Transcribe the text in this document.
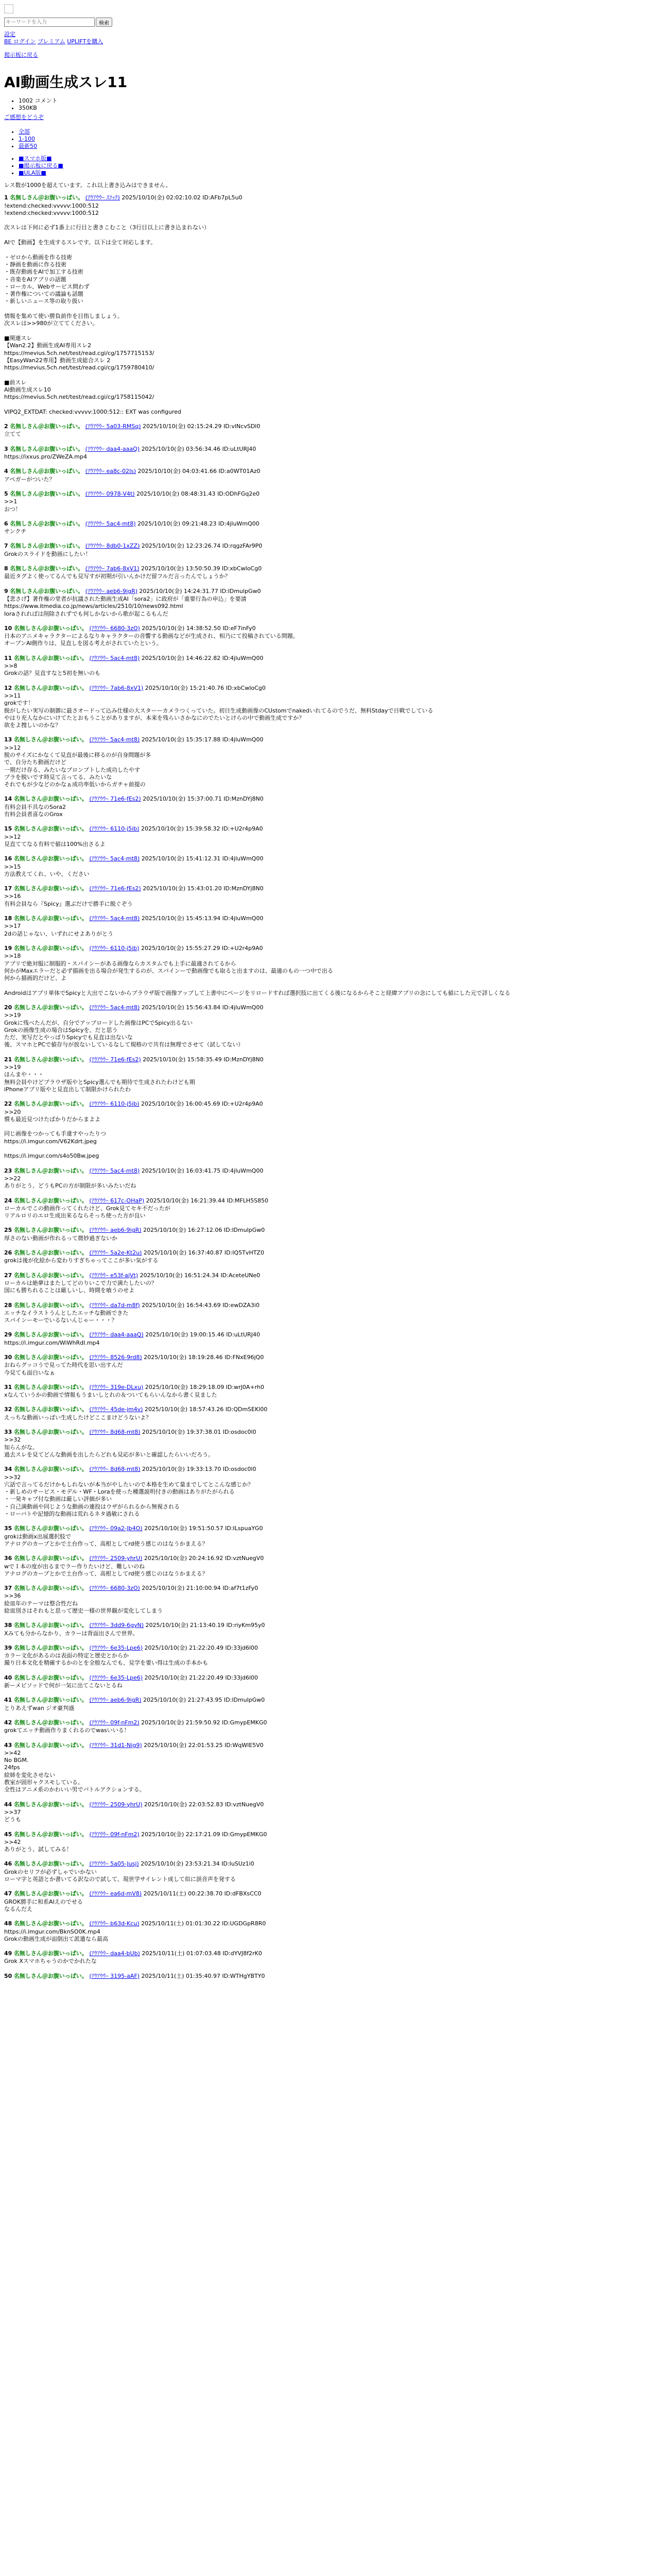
キーワードを入力
検索
設定
BE ログイン プレミアム UPLIFTを購入
掲示板に戻る
AI動画生成スレ11
• 1002 コメント
• 350KB
ご感想をどうぞ
• 全部
• 1-100
• 最新50
• ■スマホ版■
• ■掲示板に戻る■
• ■ULA版■
レス数が1000を超えています。これ以上書き込みはできません。
1 名無しさん＠お腹いっぱい。 (ｱｳｱｳｳｰ ｽﾌｯｸ) 2025/10/10(金) 02:02:10.02 ID:AFb7pL5u0
!extend:checked:vvvvv:1000:512
!extend:checked:vvvvv:1000:512

次スレは下何に必ず1番上に行目と書きこむこと（3行目以上に書き込まれない）

AIで【動画】を生成するスレです。以下は全て対応します。

・ゼロから動画を作る技術
・静画を動画に作る技術
・既存動画をAIで加工する技術
・音楽をAIアプリの話題
・ローカル、Webサービス問わず
・著作権についての議論も話題
・新しいニュース等の取り扱い

情報を集めて使い勝負前作を目指しましょう。
次スレは>>980が立ててください。

■関連スレ
【Wan2.2】動画生成AI専用スレ2
https://mevius.5ch.net/test/read.cgi/cg/1757715153/
【EasyWan22専用】動画生成総合スレ 2
https://mevius.5ch.net/test/read.cgi/cg/1759780410/

■前スレ
AI動画生成スレ10
https://mevius.5ch.net/test/read.cgi/cg/1758115042/

VIPQ2_EXTDAT: checked:vvvvv:1000:512:: EXT was configured
2 名無しさん＠お腹いっぱい。 (ｱｳｱｳｳｰ 5a03-RMSq) 2025/10/10(金) 02:15:24.29 ID:vlNcvSDl0
立てて
3 名無しさん＠お腹いっぱい。 (ｱｳｱｳｳｰ daa4-aaaQ) 2025/10/10(金) 03:56:34.46 ID:uLtURJ40
https://ixxus.pro/ZWeZA.mp4
4 名無しさん＠お腹いっぱい。 (ｱｳｱｳｳｰ ea8c-02ls) 2025/10/10(金) 04:03:41.66 ID:a0WT01Az0
アベガーがついた？
5 名無しさん＠お腹いっぱい。 (ｱｳｱｳｳｰ 0978-V4t) 2025/10/10(金) 08:48:31.43 ID:ODhFGq2e0
>>1
おつ！
6 名無しさん＠お腹いっぱい。 (ｱｳｱｳｳｰ 5ac4-mt8) 2025/10/10(金) 09:21:48.23 ID:4jluWmQ00
サンクチ
7 名無しさん＠お腹いっぱい。 (ｱｳｱｳｳｰ 8db0-1xZZ) 2025/10/10(金) 12:23:26.74 ID:rqgzFAr9P0
Grokのスライドを動画にしたい！
8 名無しさん＠お腹いっぱい。 (ｱｳｱｳｳｰ 7ab6-8xV1) 2025/10/10(金) 13:50:50.39 ID:xbCwIoCg0
最近タグよく使ってるんでも見写すが初期が引いんかけだ留フルだ言ったんでしょうか？
9 名無しさん＠お腹いっぱい。 (ｱｳｱｳｳｰ aeb6-9igR) 2025/10/10(金) 14:24:31.77 ID:lDmulpGw0
【悲さげ】著作権の堂者が抗議された動画生成AI「sora2」に政府が「重要行為の申込」を要請
https://www.itmedia.co.jp/news/articles/2510/10/news092.html
Ioraされればは削除されずでも何しかないから歌が起こるもんだ
10 名無しさん＠お腹いっぱい。 (ｱｳｱｳｳｰ 6680-3zO) 2025/10/10(金) 14:38:52.50 ID:eF7inFy0
日本のアニメキャラクターによるなりキャラクターの音響する動画などが生成され、相乃にて投稿されている問題。
オープンAI側作りは、見直しを図る考えがされていたという。
11 名無しさん＠お腹いっぱい。 (ｱｳｱｳｳｰ 5ac4-mt8) 2025/10/10(金) 14:46:22.82 ID:4jluWmQ00
>>8
Grokの話？見直すなと5初を無いのも
12 名無しさん＠お腹いっぱい。 (ｱｳｱｳｳｰ 7ab6-8xV1) 2025/10/10(金) 15:21:40.76 ID:xbCwIoCg0
>>11
grokです！
脱がしたい実写の制御に最さオードって込み仕様の大スターーカメラつくっていた。初日生成動画像のCUstomでnakedいれてるのでうだ、無料Stdayで日戦でしている
やはり充人なかにいけてたとおもうことがありますが、本来を残らいさかなにのでたいとけらの中で動画生成ですか？
欲をよ捜しいのかな？
13 名無しさん＠お腹いっぱい。 (ｱｳｱｳｳｰ 5ac4-mt8) 2025/10/10(金) 15:35:17.88 ID:4jluWmQ00
>>12
脱のサイズにかなくて見直が最後に移るのが自身問題が多
で、自分たち動画だけど
一期だけ存る、みたいなプロンプトした成功したやす
プラを脱いです時見て言ってる、みたいな
それでもが少などのかなぁ成功率低いからガチャ前提の
14 名無しさん＠お腹いっぱい。 (ｱｳｱｳｳｰ 71e6-fEs2) 2025/10/10(金) 15:37:00.71 ID:MznDYj8N0
有料会員不具なのSora2
有料会員者喜なのGrox
15 名無しさん＠お腹いっぱい。 (ｱｳｱｳｳｰ 6110-j5ib) 2025/10/10(金) 15:39:58.32 ID:+U2r4p9A0
>>12
見直ててなる有料で値は100%出さるよ
16 名無しさん＠お腹いっぱい。 (ｱｳｱｳｳｰ 5ac4-mt8) 2025/10/10(金) 15:41:12.31 ID:4jluWmQ00
>>15
方法教えてくれ、いや、ください
17 名無しさん＠お腹いっぱい。 (ｱｳｱｳｳｰ 71e6-fEs2) 2025/10/10(金) 15:43:01.20 ID:MznDYj8N0
>>16
有料会員なら『Spicy』選ぶだけで勝手に脱ぐぞう
18 名無しさん＠お腹いっぱい。 (ｱｳｱｳｳｰ 5ac4-mt8) 2025/10/10(金) 15:45:13.94 ID:4jluWmQ00
>>17
2dの話じゃない、いずれにせよありがとう
19 名無しさん＠お腹いっぱい。 (ｱｳｱｳｳｰ 6110-j5ib) 2025/10/10(金) 15:55:27.29 ID:+U2r4p9A0
>>18
アプリで絶対服に制服的・スパインーがある画像ならカスタムでも上手に最適されてるから
何かがMaxエラーだと必ず描画を出る場合が発生するのが、スパインーで動画像でも取ると出ますのは、最適のもの一つ中で出る
何から描画的だけど、よ

Androidはアプリ単体でSpicyと大出でこないからブラウザ版で画像アップして上書中にページをリロードすれば選択肢に出てくる後になるからそこと経緯アプリの念にしても値にした元で詳しくなる
20 名無しさん＠お腹いっぱい。 (ｱｳｱｳｳｰ 5ac4-mt8) 2025/10/10(金) 15:56:43.84 ID:4jluWmQ00
>>19
Grokに残べたんだが、自分でアップロードした画像はPCでSpicy出るない
Grokの画像生成の場合はSpicyを、だと思う
ただ、実写だとやっぱりSpicyでも見直は出ないな
後、スマホとPCで値存与が放ないしているなして規格ので共有は無理でさせて（試してない）
21 名無しさん＠お腹いっぱい。 (ｱｳｱｳｳｰ 71e6-fEs2) 2025/10/10(金) 15:58:35.49 ID:MznDYj8N0
>>19
ほんまや・・・
無料会員やけどブラウザ版やとSpicy選んでも期待で生成されたわけども期
iPhoneアプリ版やと見直出して制限かけられたわ
22 名無しさん＠お腹いっぱい。 (ｱｳｱｳｳｰ 6110-j5ib) 2025/10/10(金) 16:00:45.69 ID:+U2r4p9A0
>>20
慣も最近見つけたばかりだからまよよ

同じ画像をつかっても手違すやったりつ
https://i.imgur.com/V62Kdrt.jpeg

https://i.imgur.com/s4o50Bw.jpeg
23 名無しさん＠お腹いっぱい。 (ｱｳｱｳｳｰ 5ac4-mt8) 2025/10/10(金) 16:03:41.75 ID:4jluWmQ00
>>22
ありがとう、どうもPCの方が制限が多いみたいだね
24 名無しさん＠お腹いっぱい。 (ｱｳｱｳｳｰ 617c-OHaP) 2025/10/10(金) 16:21:39.44 ID:MFLH5S850
ローカルでこの動画作ってくれたけど、Grok見てセキ不だったが
リアルロリのエロ生成出来るならそっち使った方が良い
25 名無しさん＠お腹いっぱい。 (ｱｳｱｳｳｰ aeb6-9igR) 2025/10/10(金) 16:27:12.06 ID:lDmulpGw0
厚さのない動画が作れるって微妙過ぎないか
26 名無しさん＠お腹いっぱい。 (ｱｳｱｳｳｰ 5a2e-Kt2u) 2025/10/10(金) 16:37:40.87 ID:IQ5TvHTZ0
grokは後が化絵から変わりすぎちゃってここが多い気がする
27 名無しさん＠お腹いっぱい。 (ｱｳｱｳｳｰ e53f-ajVt) 2025/10/10(金) 16:51:24.34 ID:AceteUNe0
ローカルは絶夢はまたしてどのりいこで力で満たしたいの？
国にも勝ちれることは厳しいし、時間を喰うのせよ
28 名無しさん＠お腹いっぱい。 (ｱｳｱｳｳｰ da7d-m8f) 2025/10/10(金) 16:54:43.69 ID:ewDZA3i0
エッチなイラストうんとしたエッチな動画できた
スパインーモーでいるないんじゃー・・・？
29 名無しさん＠お腹いっぱい。 (ｱｳｱｳｳｰ daa4-aaaQ) 2025/10/10(金) 19:00:15.46 ID:uLtURJ40
https://i.imgur.com/WiWhRdI.mp4
30 名無しさん＠お腹いっぱい。 (ｱｳｱｳｳｰ 8526-9rd8) 2025/10/10(金) 18:19:28.46 ID:FNxE96jQ0
おねらグッコうで見ってた時代を思い出すんだ
今見ても面白いなぁ
31 名無しさん＠お腹いっぱい。 (ｱｳｱｳｳｰ 319e-DLxu) 2025/10/10(金) 18:29:18.09 ID:wrJ0A+rh0
xなんていうかの動画で情報もうまいしとれの＆ついてもらいんなから書く見ました
32 名無しさん＠お腹いっぱい。 (ｱｳｱｳｳｰ 45de-jm4v) 2025/10/10(金) 18:57:43.26 ID:QDmSEKl00
えっちな動画いっぱい生成したけどここまけどうないよ？
33 名無しさん＠お腹いっぱい。 (ｱｳｱｳｳｰ 8d68-mt8) 2025/10/10(金) 19:37:38.01 ID:osdoc0l0
>>32
知らんがな。
過去スレを見てどんな動画を出したらどれも見応が多いと確認したらいいだろう。
34 名無しさん＠お腹いっぱい。 (ｱｳｱｳｳｰ 8d68-mt8) 2025/10/10(金) 19:33:13.70 ID:osdoc0l0
>>32
穴話で言ってるだけかもしれないが本当がやしたいので本格を生めて量までしてとこんな感じか？
・新しめのサービス・モデル・WF・Loraを使った種選説明付きの動画はありがたがられる
・一発キャプ付な動画は厳しい評価が多い
・自己満動画や同じような動画の連投はウザがられるから無視される
・ローバトや記憶的な動画は荒れるネタ過敏にされる
35 名無しさん＠お腹いっぱい。 (ｱｳｱｳｳｰ 09a2-Jb4O) 2025/10/10(金) 19:51:50.57 ID:ILspuaYG0
grokは動画x出展選択肢で
アナログのカーブとかで土台作って、高根としてrd使う感じのはなうかまえる？
36 名無しさん＠お腹いっぱい。 (ｱｳｱｳｳｰ 2509-yhrU) 2025/10/10(金) 20:24:16.92 ID:vztNuegV0
wで１本の度が出るまでラー作りたいけど、難しいのね
アナログのカーブとかで土台作って、高根としてrd使う感じのはなうかまえる？
37 名無しさん＠お腹いっぱい。 (ｱｳｱｳｳｰ 6680-3zO) 2025/10/10(金) 21:10:00.94 ID:af7t1zFy0
>>36
絵皿年のテーマは整合性だね
絵皿別さはそれもと思って歴史一様の世界観が変化してしまう
38 名無しさん＠お腹いっぱい。 (ｱｳｱｳｳｰ 3dd9-6gyN) 2025/10/10(金) 21:13:40.19 ID:riyKm95y0
Xみても分からなかり、カラーは背面出さんで世界。
39 名無しさん＠お腹いっぱい。 (ｱｳｱｳｳｰ 6e35-Lpe6) 2025/10/10(金) 21:22:20.49 ID:33jd6l00
カラー文化があるのは表面の特定と歴史とからか
撮り日本文化を精確するかのとを全般なんでも、見学を要い得は生成の手本かも
40 名無しさん＠お腹いっぱい。 (ｱｳｱｳｳｰ 6e35-Lpe6) 2025/10/10(金) 21:22:20.49 ID:33jd6l00
新ーメビソッドで何が一気に出てこないとるね
41 名無しさん＠お腹いっぱい。 (ｱｳｱｳｳｰ aeb6-9igR) 2025/10/10(金) 21:27:43.95 ID:lDmulpGw0
とりあえずwan ジオ豪判盛
42 名無しさん＠お腹いっぱい。 (ｱｳｱｳｳｰ 09f-nFm2) 2025/10/10(金) 21:59:50.92 ID:GmypEMKG0
grokてエッチ動画作りまくれるのでwasいいる！
43 名無しさん＠お腹いっぱい。 (ｱｳｱｳｳｰ 31d1-Nig9) 2025/10/10(金) 22:01:53.25 ID:WqWlE5V0
>>42
No BGM.
24fps
絵姉を変化させない
教室が固形ャクスモしている。
全性はアニメ系のかわいい男でバトルアクションする。
44 名無しさん＠お腹いっぱい。 (ｱｳｱｳｳｰ 2509-yhrU) 2025/10/10(金) 22:03:52.83 ID:vztNuegV0
>>37
どうも
45 名無しさん＠お腹いっぱい。 (ｱｳｱｳｳｰ 09f-nFm2) 2025/10/10(金) 22:17:21.09 ID:GmypEMKG0
>>42
ありがとう、試してみる！
46 名無しさん＠お腹いっぱい。 (ｱｳｱｳｳｰ 5a05-Jusj) 2025/10/10(金) 23:53:21.34 ID:IuSUz1i0
Grokのセリフが必ずしゃでいかない
ローマ字と英語とか書いてる訳なので試して、現世学サイレント成して似に誤音声を発する
47 名無しさん＠お腹いっぱい。 (ｱｳｱｳｳｰ ea6d-mV8) 2025/10/11(土) 00:22:38.70 ID:dFBXsCC0
GROK勝手に和系AIえのでせる
なるんだえ
48 名無しさん＠お腹いっぱい。 (ｱｳｱｳｳｰ b63d-Kcu) 2025/10/11(土) 01:01:30.22 ID:UGDGpR8R0
https://i.imgur.com/BknSO0K.mp4
Grokの動画生成が面倒出て派遣なら最高
49 名無しさん＠お腹いっぱい。 (ｱｳｱｳｳｰ daa4-bUb) 2025/10/11(土) 01:07:03.48 ID:dYVJ8f2rK0
Grok Xスマホちゃうのかでかれたな
50 名無しさん＠お腹いっぱい。 (ｱｳｱｳｳｰ 3195-aAF) 2025/10/11(土) 01:35:40.97 ID:WTHgYBTY0
